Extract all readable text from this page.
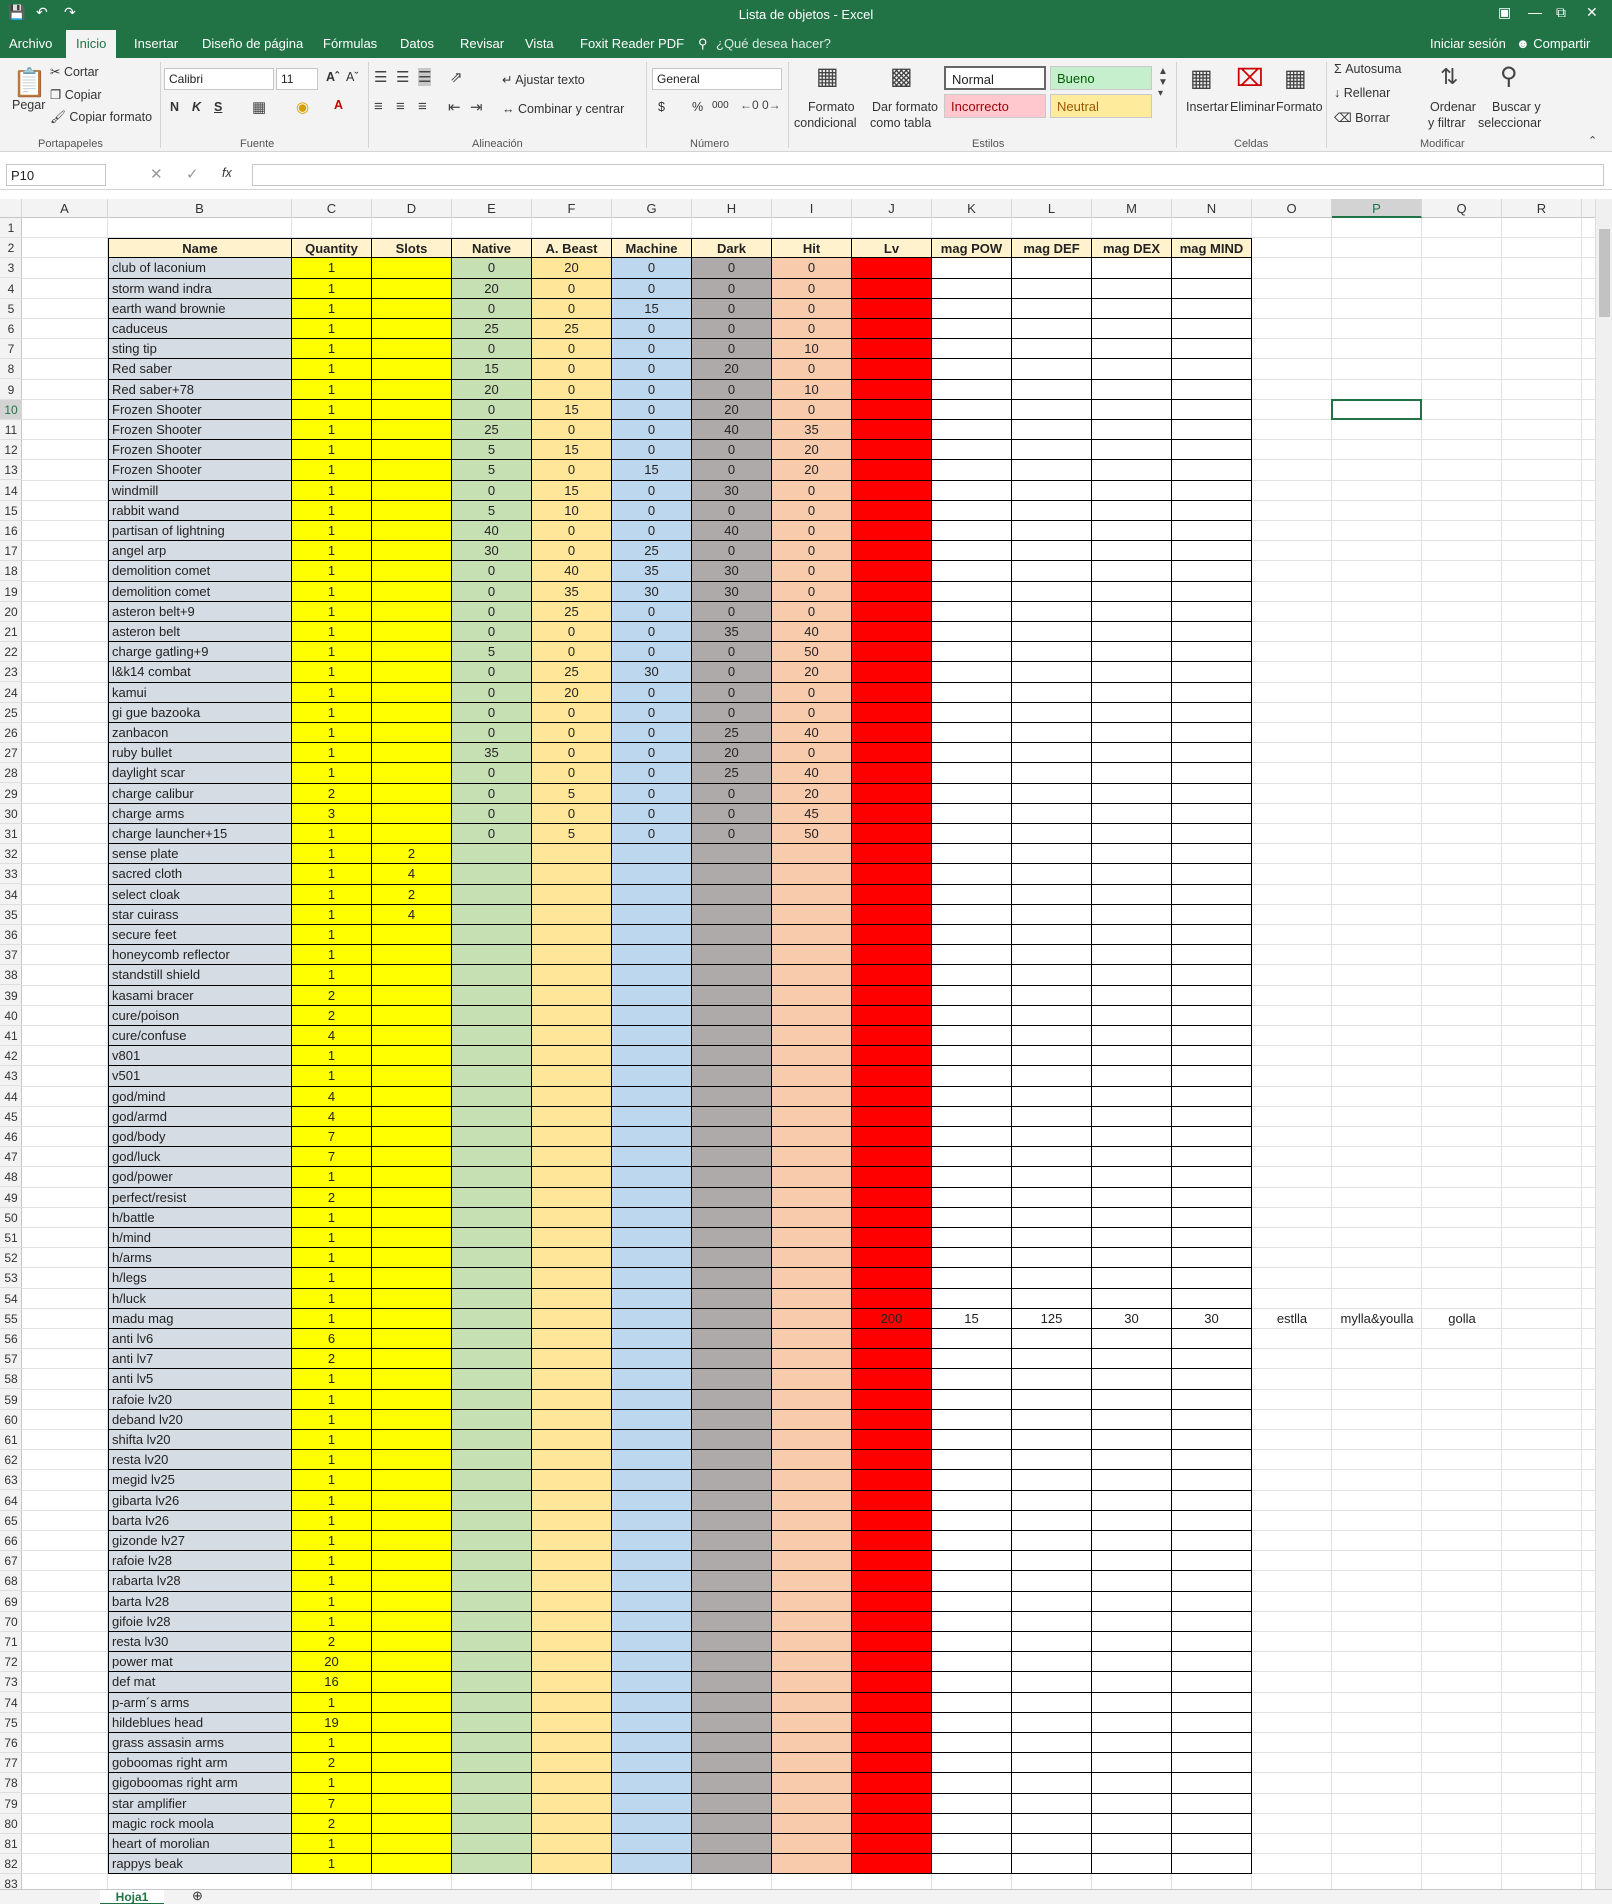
💾 ↶ ↷	Lista de objetos - Excel	▣ — ⧉ ✕
Archivo	Inicio	Insertar Diseño de página Fórmulas Datos Revisar Vista Foxit Reader PDF ⚲ ¿Qué desea hacer?	Iniciar sesión ☻ Compartir
📋
Pegar
✂ Cortar
❐ Copiar
🖌 Copiar formato
Portapapeles
Calibri	11	Aˆ Aˇ
N K S ▦ ◉ A
Fuente
☰ ☰ ☰ ⇗
≡ ≡ ≡ ⇤ ⇥
↵ Ajustar texto
↔ Combinar y centrar
Alineación
General
$ % 000 ←0 0→
Número
▦
Formato
condicional
▩
Dar formato
como tabla
Normal	Bueno
Incorrecto	Neutral
▲
▼
▾
Estilos
▦
Insertar
⌧
Eliminar
▦
Formato
Celdas
Σ Autosuma
↓ Rellenar
⌫ Borrar
⇅
Ordenar
y filtrar
⚲
Buscar y
seleccionar
Modificar	⌃
P10	✕ ✓ fx
A	B	C	D	E	F	G	H	I	J	K	L	M	N	O	P	Q	R
1
2
3
4
5
6
7
8
9
10
11
12
13
14
15
16
17
18
19
20
21
22
23
24
25
26
27
28
29
30
31
32
33
34
35
36
37
38
39
40
41
42
43
44
45
46
47
48
49
50
51
52
53
54
55
56
57
58
59
60
61
62
63
64
65
66
67
68
69
70
71
72
73
74
75
76
77
78
79
80
81
82
83
Name	Quantity	Slots	Native	A. Beast	Machine	Dark	Hit	Lv	mag POW	mag DEF	mag DEX	mag MIND
club of laconium	1	0	20	0	0	0
storm wand indra	1	20	0	0	0	0
earth wand brownie	1	0	0	15	0	0
caduceus	1	25	25	0	0	0
sting tip	1	0	0	0	0	10
Red saber	1	15	0	0	20	0
Red saber+78	1	20	0	0	0	10
Frozen Shooter	1	0	15	0	20	0
Frozen Shooter	1	25	0	0	40	35
Frozen Shooter	1	5	15	0	0	20
Frozen Shooter	1	5	0	15	0	20
windmill	1	0	15	0	30	0
rabbit wand	1	5	10	0	0	0
partisan of lightning	1	40	0	0	40	0
angel arp	1	30	0	25	0	0
demolition comet	1	0	40	35	30	0
demolition comet	1	0	35	30	30	0
asteron belt+9	1	0	25	0	0	0
asteron belt	1	0	0	0	35	40
charge gatling+9	1	5	0	0	0	50
l&k14 combat	1	0	25	30	0	20
kamui	1	0	20	0	0	0
gi gue bazooka	1	0	0	0	0	0
zanbacon	1	0	0	0	25	40
ruby bullet	1	35	0	0	20	0
daylight scar	1	0	0	0	25	40
charge calibur	2	0	5	0	0	20
charge arms	3	0	0	0	0	45
charge launcher+15	1	0	5	0	0	50
sense plate	1	2
sacred cloth	1	4
select cloak	1	2
star cuirass	1	4
secure feet	1
honeycomb reflector	1
standstill shield	1
kasami bracer	2
cure/poison	2
cure/confuse	4
v801	1
v501	1
god/mind	4
god/armd	4
god/body	7
god/luck	7
god/power	1
perfect/resist	2
h/battle	1
h/mind	1
h/arms	1
h/legs	1
h/luck	1
madu mag	1	200	15	125	30	30
anti lv6	6
anti lv7	2
anti lv5	1
rafoie lv20	1
deband lv20	1
shifta lv20	1
resta lv20	1
megid lv25	1
gibarta lv26	1
barta lv26	1
gizonde lv27	1
rafoie lv28	1
rabarta lv28	1
barta lv28	1
gifoie lv28	1
resta lv30	2
power mat	20
def mat	16
p-arm´s arms	1
hildeblues head	19
grass assasin arms	1
goboomas right arm	2
gigoboomas right arm	1
star amplifier	7
magic rock moola	2
heart of morolian	1
rappys beak	1
estlla	mylla&youlla	golla
Hoja1	⊕
